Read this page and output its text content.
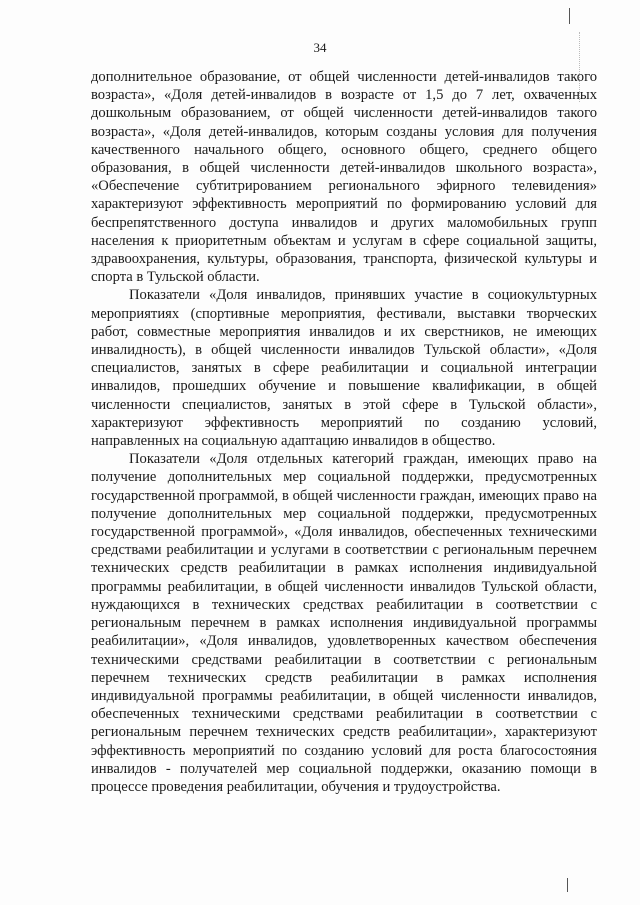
34

дополнительное образование, от общей численности детей-инвалидов такого возраста», «Доля детей-инвалидов в возрасте от 1,5 до 7 лет, охваченных дошкольным образованием, от общей численности детей-инвалидов такого возраста», «Доля детей-инвалидов, которым созданы условия для получения качественного начального общего, основного общего, среднего общего образования, в общей численности детей-инвалидов школьного возраста», «Обеспечение субтитрированием регионального эфирного телевидения» характеризуют эффективность мероприятий по формированию условий для беспрепятственного доступа инвалидов и других маломобильных групп населения к приоритетным объектам и услугам в сфере социальной защиты, здравоохранения, культуры, образования, транспорта, физической культуры и спорта в Тульской области.

Показатели «Доля инвалидов, принявших участие в социокультурных мероприятиях (спортивные мероприятия, фестивали, выставки творческих работ, совместные мероприятия инвалидов и их сверстников, не имеющих инвалидность), в общей численности инвалидов Тульской области», «Доля специалистов, занятых в сфере реабилитации и социальной интеграции инвалидов, прошедших обучение и повышение квалификации, в общей численности специалистов, занятых в этой сфере в Тульской области», характеризуют эффективность мероприятий по созданию условий, направленных на социальную адаптацию инвалидов в общество.

Показатели «Доля отдельных категорий граждан, имеющих право на получение дополнительных мер социальной поддержки, предусмотренных государственной программой, в общей численности граждан, имеющих право на получение дополнительных мер социальной поддержки, предусмотренных государственной программой», «Доля инвалидов, обеспеченных техническими средствами реабилитации и услугами в соответствии с региональным перечнем технических средств реабилитации в рамках исполнения индивидуальной программы реабилитации, в общей численности инвалидов Тульской области, нуждающихся в технических средствах реабилитации в соответствии с региональным перечнем в рамках исполнения индивидуальной программы реабилитации», «Доля инвалидов, удовлетворенных качеством обеспечения техническими средствами реабилитации в соответствии с региональным перечнем технических средств реабилитации в рамках исполнения индивидуальной программы реабилитации, в общей численности инвалидов, обеспеченных техническими средствами реабилитации в соответствии с региональным перечнем технических средств реабилитации», характеризуют эффективность мероприятий по созданию условий для роста благосостояния инвалидов - получателей мер социальной поддержки, оказанию помощи в процессе проведения реабилитации, обучения и трудоустройства.
